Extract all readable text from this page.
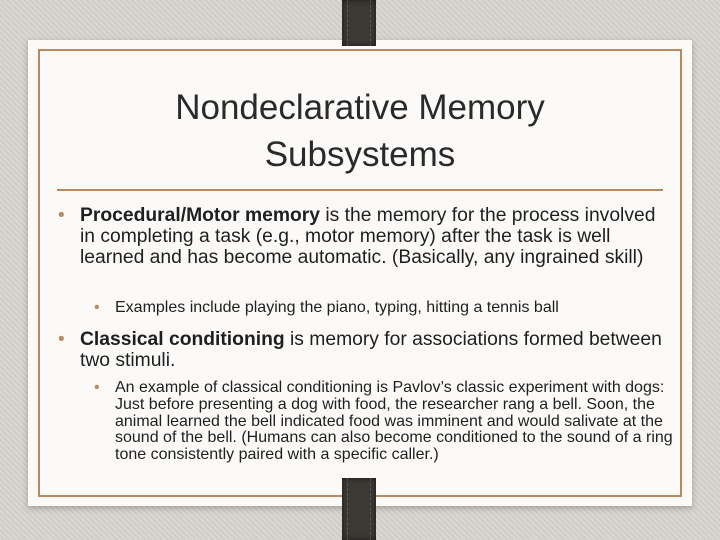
Nondeclarative Memory
Subsystems
• Procedural/Motor memory is the memory for the process involved in completing a task (e.g., motor memory) after the task is well learned and has become automatic. (Basically, any ingrained skill)
• Examples include playing the piano, typing, hitting a tennis ball
• Classical conditioning is memory for associations formed between two stimuli.
• An example of classical conditioning is Pavlov’s classic experiment with dogs: Just before presenting a dog with food, the researcher rang a bell. Soon, the animal learned the bell indicated food was imminent and would salivate at the sound of the bell. (Humans can also become conditioned to the sound of a ring tone consistently paired with a specific caller.)
